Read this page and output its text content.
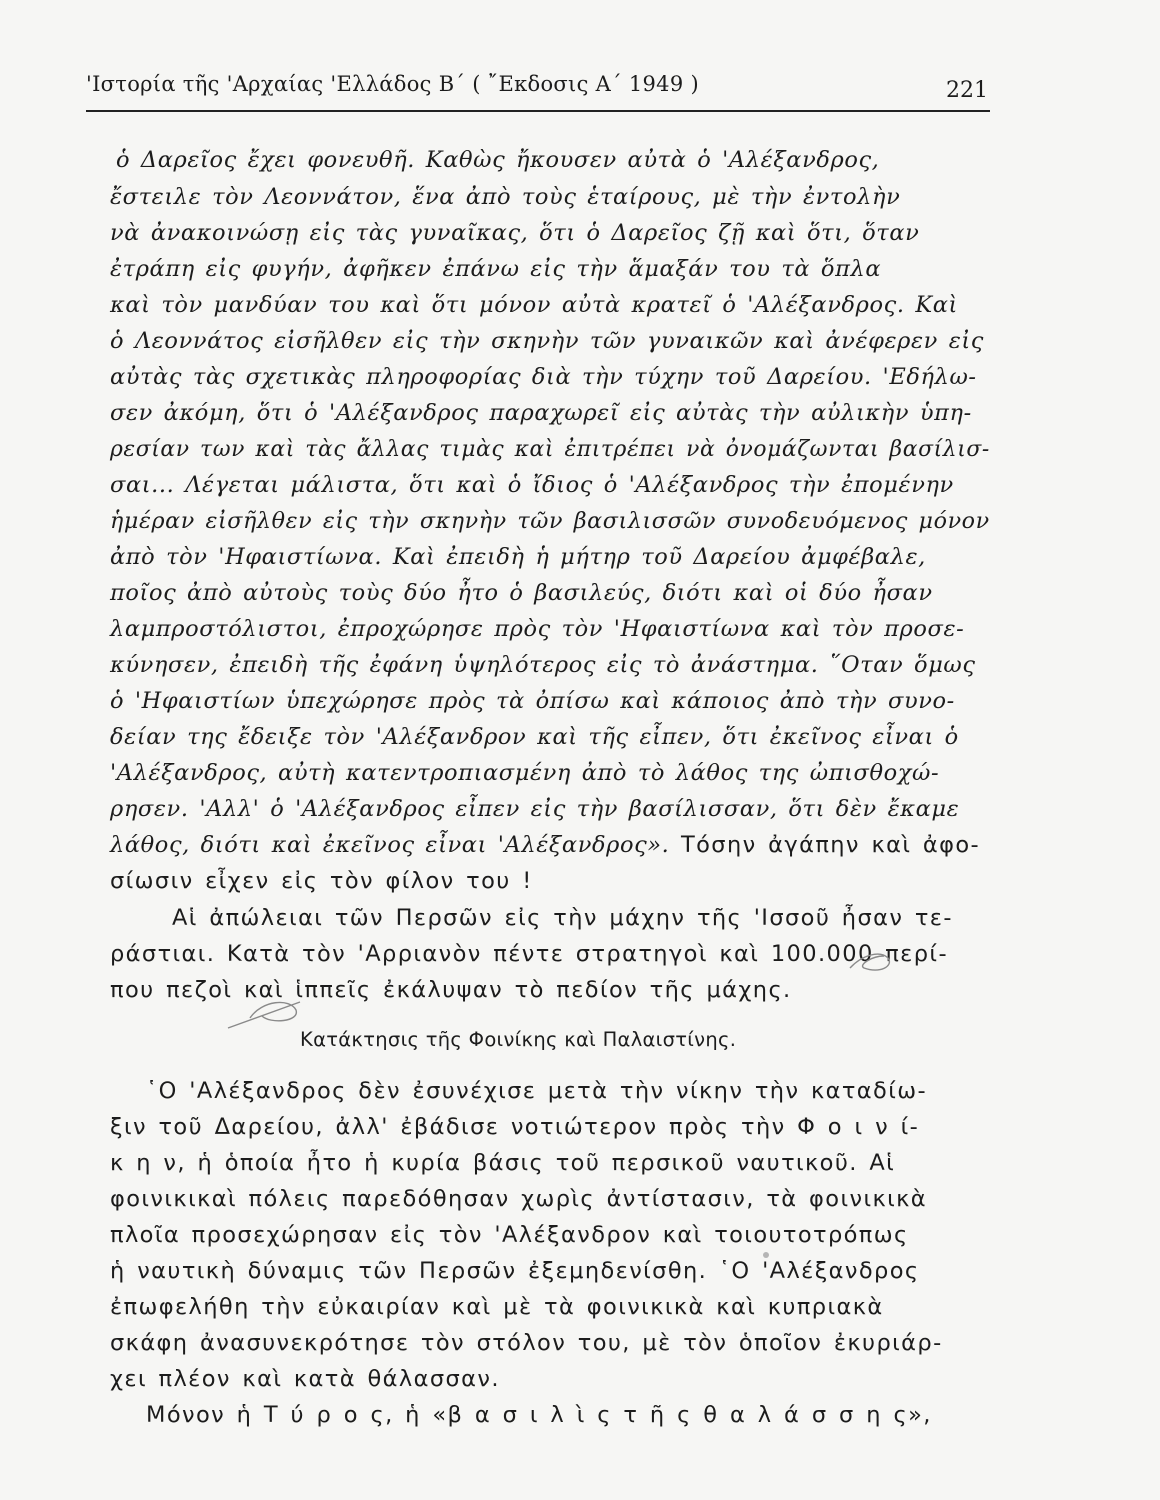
'Ιστορία τῆς 'Αρχαίας 'Ελλάδος Β΄ ( ῎Εκδοσις Α΄ 1949 )	221
ὁ Δαρεῖος ἔχει φονευθῆ. Καθὼς ἤκουσεν αὐτὰ ὁ 'Αλέξανδρος,
ἔστειλε τὸν Λεοννάτον, ἕνα ἀπὸ τοὺς ἑταίρους, μὲ τὴν ἐντολὴν
νὰ ἀνακοινώσῃ εἰς τὰς γυναῖκας, ὅτι ὁ Δαρεῖος ζῇ καὶ ὅτι, ὅταν
ἐτράπη εἰς φυγήν, ἀφῆκεν ἐπάνω εἰς τὴν ἅμαξάν του τὰ ὅπλα
καὶ τὸν μανδύαν του καὶ ὅτι μόνον αὐτὰ κρατεῖ ὁ 'Αλέξανδρος. Καὶ
ὁ Λεοννάτος εἰσῆλθεν εἰς τὴν σκηνὴν τῶν γυναικῶν καὶ ἀνέφερεν εἰς
αὐτὰς τὰς σχετικὰς πληροφορίας διὰ τὴν τύχην τοῦ Δαρείου. 'Εδήλω-
σεν ἀκόμη, ὅτι ὁ 'Αλέξανδρος παραχωρεῖ εἰς αὐτὰς τὴν αὐλικὴν ὑπη-
ρεσίαν των καὶ τὰς ἄλλας τιμὰς καὶ ἐπιτρέπει νὰ ὀνομάζωνται βασίλισ-
σαι... Λέγεται μάλιστα, ὅτι καὶ ὁ ἴδιος ὁ 'Αλέξανδρος τὴν ἐπομένην
ἡμέραν εἰσῆλθεν εἰς τὴν σκηνὴν τῶν βασιλισσῶν συνοδευόμενος μόνον
ἀπὸ τὸν 'Ηφαιστίωνα. Καὶ ἐπειδὴ ἡ μήτηρ τοῦ Δαρείου ἀμφέβαλε,
ποῖος ἀπὸ αὐτοὺς τοὺς δύο ἦτο ὁ βασιλεύς, διότι καὶ οἱ δύο ἦσαν
λαμπροστόλιστοι, ἐπροχώρησε πρὸς τὸν 'Ηφαιστίωνα καὶ τὸν προσε-
κύνησεν, ἐπειδὴ τῆς ἐφάνη ὑψηλότερος εἰς τὸ ἀνάστημα. ῞Οταν ὅμως
ὁ 'Ηφαιστίων ὑπεχώρησε πρὸς τὰ ὀπίσω καὶ κάποιος ἀπὸ τὴν συνο-
δείαν της ἔδειξε τὸν 'Αλέξανδρον καὶ τῆς εἶπεν, ὅτι ἐκεῖνος εἶναι ὁ
'Αλέξανδρος, αὐτὴ κατεντροπιασμένη ἀπὸ τὸ λάθος της ὠπισθοχώ-
ρησεν. 'Αλλ' ὁ 'Αλέξανδρος εἶπεν εἰς τὴν βασίλισσαν, ὅτι δὲν ἔκαμε
λάθος, διότι καὶ ἐκεῖνος εἶναι 'Αλέξανδρος». Τόσην ἀγάπην καὶ ἀφο-
σίωσιν εἶχεν εἰς τὸν φίλον του !
Αἱ ἀπώλειαι τῶν Περσῶν εἰς τὴν μάχην τῆς 'Ισσοῦ ἦσαν τε-
ράστιαι. Κατὰ τὸν 'Αρριανὸν πέντε στρατηγοὶ καὶ 100.000 περί-
που πεζοὶ καὶ ἱππεῖς ἐκάλυψαν τὸ πεδίον τῆς μάχης.
Κατάκτησις τῆς Φοινίκης καὶ Παλαιστίνης.
῾Ο 'Αλέξανδρος δὲν ἐσυνέχισε μετὰ τὴν νίκην τὴν καταδίω-
ξιν τοῦ Δαρείου, ἀλλ' ἐβάδισε νοτιώτερον πρὸς τὴν Φ ο ι ν ί-
κ η ν, ἡ ὁποία ἦτο ἡ κυρία βάσις τοῦ περσικοῦ ναυτικοῦ. Αἱ
φοινικικαὶ πόλεις παρεδόθησαν χωρὶς ἀντίστασιν, τὰ φοινικικὰ
πλοῖα προσεχώρησαν εἰς τὸν 'Αλέξανδρον καὶ τοιουτοτρόπως
ἡ ναυτικὴ δύναμις τῶν Περσῶν ἐξεμηδενίσθη. ῾Ο 'Αλέξανδρος
ἐπωφελήθη τὴν εὐκαιρίαν καὶ μὲ τὰ φοινικικὰ καὶ κυπριακὰ
σκάφη ἀνασυνεκρότησε τὸν στόλον του, μὲ τὸν ὁποῖον ἐκυριάρ-
χει πλέον καὶ κατὰ θάλασσαν.
Μόνον ἡ Τ ύ ρ ο ς, ἡ «β α σ ι λ ὶ ς τ ῆ ς θ α λ ά σ σ η ς»,
